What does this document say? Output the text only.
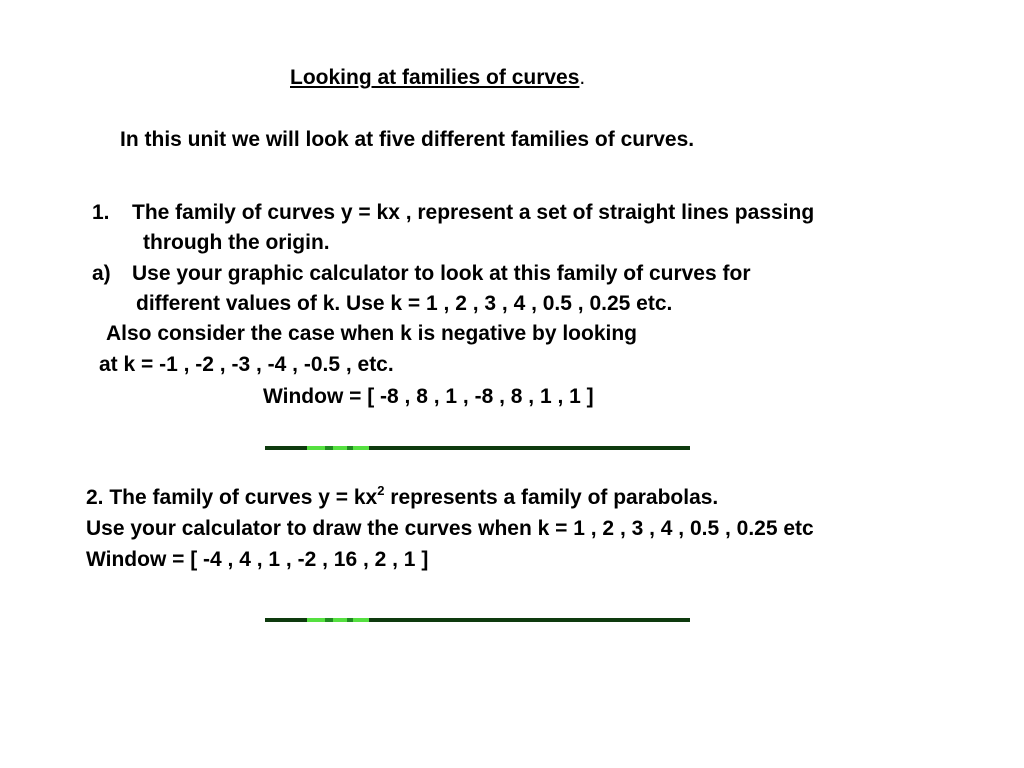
Looking at families of curves.
In this unit we will look at five different families of curves.
1. The family of curves y = kx , represent a set of straight lines passing
through the origin.
a) Use your graphic calculator to look at this family of curves for
different values of k. Use k = 1 , 2 , 3 , 4 , 0.5 , 0.25 etc.
Also consider the case when k is negative by looking
at k = -1 , -2 , -3 , -4 , -0.5 , etc.
Window = [ -8 , 8 , 1 , -8 , 8 , 1 , 1 ]
2. The family of curves $y = kx^2$ represents a family of parabolas.
Use your calculator to draw the curves when k = 1 , 2 , 3 , 4 , 0.5 , 0.25 etc
Window = [ -4 , 4 , 1 , -2 , 16 , 2 , 1 ]
